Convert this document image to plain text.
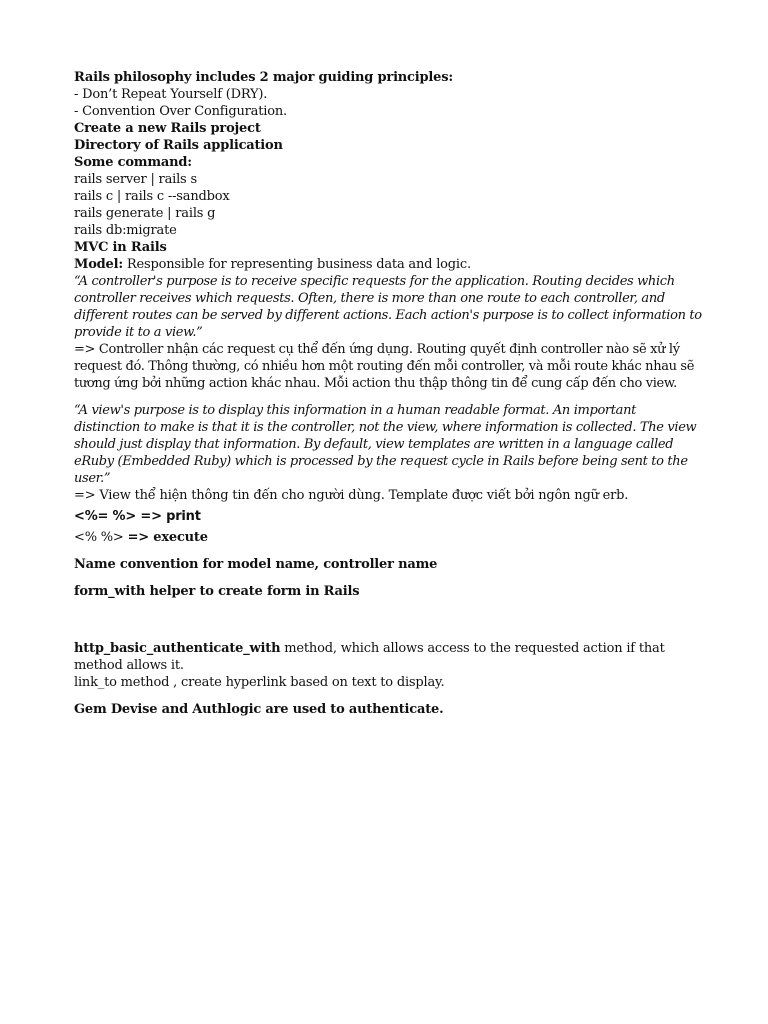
Rails philosophy includes 2 major guiding principles:
- Don’t Repeat Yourself (DRY).
- Convention Over Configuration.
Create a new Rails project
Directory of Rails application
Some command:
rails server | rails s
rails c | rails c --sandbox
rails generate | rails g
rails db:migrate
MVC in Rails
Model: Responsible for representing business data and logic.
“A controller's purpose is to receive specific requests for the application. Routing decides which controller receives which requests. Often, there is more than one route to each controller, and different routes can be served by different actions. Each action's purpose is to collect information to provide it to a view.”
=> Controller nhận các request cụ thể đến ứng dụng. Routing quyết định controller nào sẽ xử lý request đó. Thông thường, có nhiều hơn một routing đến mỗi controller, và mỗi route khác nhau sẽ tương ứng bởi những action khác nhau. Mỗi action thu thập thông tin để cung cấp đến cho view.
“A view's purpose is to display this information in a human readable format. An important distinction to make is that it is the controller, not the view, where information is collected. The view should just display that information. By default, view templates are written in a language called eRuby (Embedded Ruby) which is processed by the request cycle in Rails before being sent to the user.”
=> View thể hiện thông tin đến cho người dùng. Template được viết bởi ngôn ngữ erb.
<%= %> => print
<% %> => execute
Name convention for model name, controller name
form_with helper to create form in Rails
http_basic_authenticate_with method, which allows access to the requested action if that method allows it.
link_to method , create hyperlink based on text to display.
Gem Devise and Authlogic are used to authenticate.
